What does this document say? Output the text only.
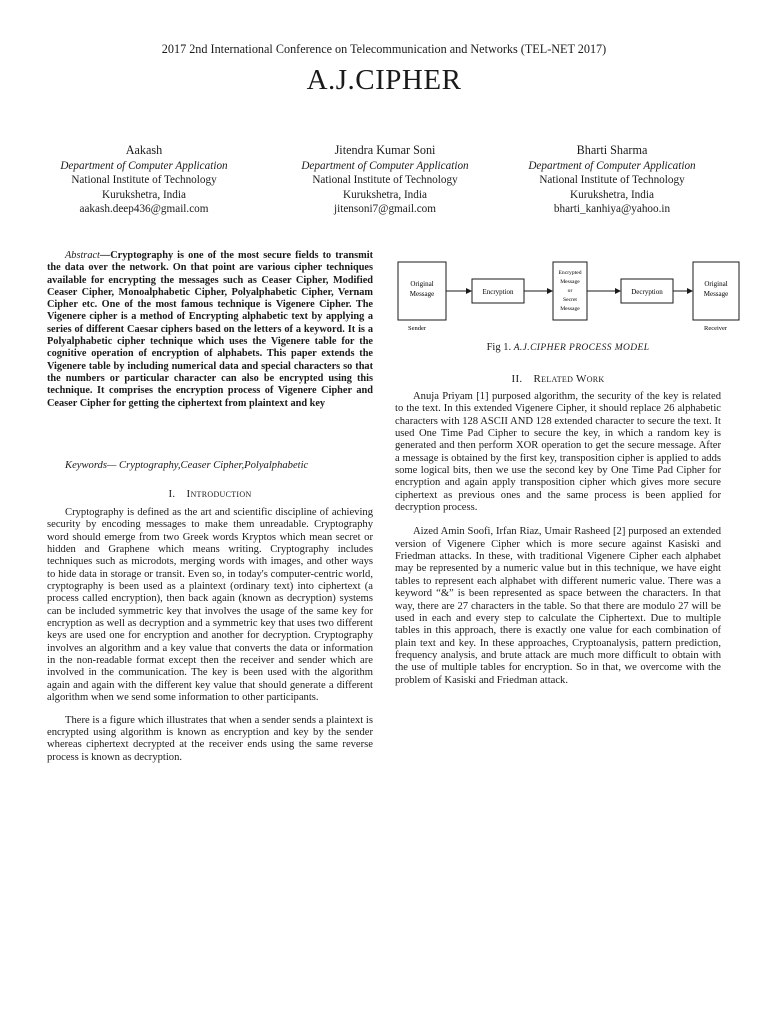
2017 2nd International Conference on Telecommunication and Networks (TEL-NET 2017)
A.J.CIPHER
Aakash
Department of Computer Application
National Institute of Technology
Kurukshetra, India
aakash.deep436@gmail.com
Jitendra Kumar Soni
Department of Computer Application
National Institute of Technology
Kurukshetra, India
jitensoni7@gmail.com
Bharti Sharma
Department of Computer Application
National Institute of Technology
Kurukshetra, India
bharti_kanhiya@yahoo.in

Abstract—Cryptography is one of the most secure fields to transmit the data over the network. On that point are various cipher techniques available for encrypting the messages such as Ceaser Cipher, Modified Ceaser Cipher, Monoalphabetic Cipher, Polyalphabetic Cipher, Vernam Cipher etc. One of the most famous technique is Vigenere Cipher. The Vigenere cipher is a method of Encrypting alphabetic text by applying a series of different Caesar ciphers based on the letters of a keyword. It is a Polyalphabetic cipher technique which uses the Vigenere table for the cognitive operation of encryption of alphabets. This paper extends the Vigenere table by including numerical data and special characters so that the numbers or particular character can also be encrypted using this technique. It comprises the encryption process of Vigenere Cipher and Ceaser Cipher for getting the ciphertext from plaintext and key

Keywords— Cryptography,Ceaser Cipher,Polyalphabetic

I. Introduction

Cryptography is defined as the art and scientific discipline of achieving security by encoding messages to make them unreadable. Cryptography word should emerge from two Greek words Kryptos which mean secret or hidden and Graphene which means writing. Cryptography includes techniques such as microdots, merging words with images, and other ways to hide data in storage or transit. Even so, in today's computer-centric world, cryptography is been used as a plaintext (ordinary text) into ciphertext (a process called encryption), then back again (known as decryption) systems can be included symmetric key that involves the usage of the same key for encryption as well as decryption and a symmetric key that uses two different keys are used one for encryption and another for decryption. Cryptography involves an algorithm and a key value that converts the data or information in the non-readable format except then the receiver and sender which are involved in the communication. The key is been used with the algorithm again and again with the different key value that should generate a different algorithm when we send some information to other participants.

There is a figure which illustrates that when a sender sends a plaintext is encrypted using algorithm is known as encryption and key by the sender whereas ciphertext decrypted at the receiver ends using the same reverse process is known as decryption.

Original
Message	Encryption
Encrypted
Message
or
Secret
Message
Decryption
Original
Message
Sender	Receiver
Fig 1. A.J.CIPHER PROCESS MODEL
II. Related Work

Anuja Priyam [1] purposed algorithm, the security of the key is related to the text. In this extended Vigenere Cipher, it should replace 26 alphabetic characters with 128 ASCII AND 128 extended character to secure the text. It used One Time Pad Cipher to secure the key, in which a random key is generated and then perform XOR operation to get the secure message. After a message is obtained by the first key, transposition cipher is applied to adds some logical bits, then we use the second key by One Time Pad Cipher for encryption and again apply transposition cipher which gives more secure ciphertext as previous ones and the same process is been applied for decryption process.

Aized Amin Soofi, Irfan Riaz, Umair Rasheed [2] purposed an extended version of Vigenere Cipher which is more secure against Kasiski and Friedman attacks. In these, with traditional Vigenere Cipher each alphabet may be represented by a numeric value but in this technique, we have eight tables to represent each alphabet with different numeric value. There was a keyword “&” is been represented as space between the characters. In that way, there are 27 characters in the table. So that there are modulo 27 will be used in each and every step to calculate the Ciphertext. Due to multiple tables in this approach, there is exactly one value for each combination of plain text and key. In these approaches, Cryptoanalysis, pattern prediction, frequency analysis, and brute attack are much more difficult to obtain with the use of multiple tables for encryption. So in that, we overcome with the problem of Kasiski and Friedman attack.
